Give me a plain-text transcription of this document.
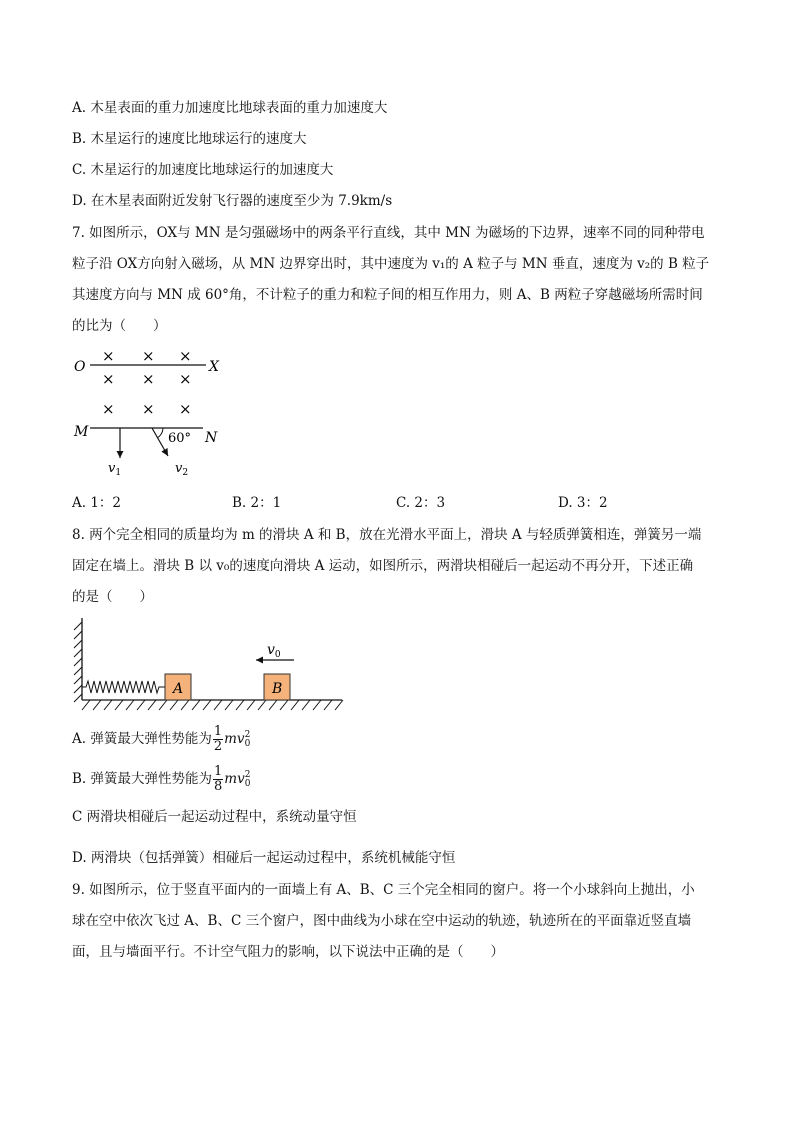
A. 木星表面的重力加速度比地球表面的重力加速度大
B. 木星运行的速度比地球运行的速度大
C. 木星运行的加速度比地球运行的加速度大
D. 在木星表面附近发射飞行器的速度至少为 7.9km/s
7. 如图所示，OX与 MN 是匀强磁场中的两条平行直线，其中 MN 为磁场的下边界，速率不同的同种带电
粒子沿 OX方向射入磁场，从 MN 边界穿出时，其中速度为 v₁的 A 粒子与 MN 垂直，速度为 v₂的 B 粒子
其速度方向与 MN 成 60°角，不计粒子的重力和粒子间的相互作用力，则 A、B 两粒子穿越磁场所需时间
的比为（　　）
O	X
× × ×
× × ×
× × ×
M	N
60°
$v_1$	$v_2$
A. 1：2	B. 2：1	C. 2：3	D. 3：2
8. 两个完全相同的质量均为 m 的滑块 A 和 B，放在光滑水平面上，滑块 A 与轻质弹簧相连，弹簧另一端
固定在墙上。滑块 B 以 v₀的速度向滑块 A 运动，如图所示，两滑块相碰后一起运动不再分开，下述正确
的是（　　）
A	B
$v_0$
A. 弹簧最大弹性势能为 $\frac{1}{2}$ mv 2
0
B. 弹簧最大弹性势能为 $\frac{1}{8}$ mv 2
0
C 两滑块相碰后一起运动过程中，系统动量守恒
D. 两滑块（包括弹簧）相碰后一起运动过程中，系统机械能守恒
9. 如图所示，位于竖直平面内的一面墙上有 A、B、C 三个完全相同的窗户。将一个小球斜向上抛出，小
球在空中依次飞过 A、B、C 三个窗户，图中曲线为小球在空中运动的轨迹，轨迹所在的平面靠近竖直墙
面，且与墙面平行。不计空气阻力的影响，以下说法中正确的是（　　）
